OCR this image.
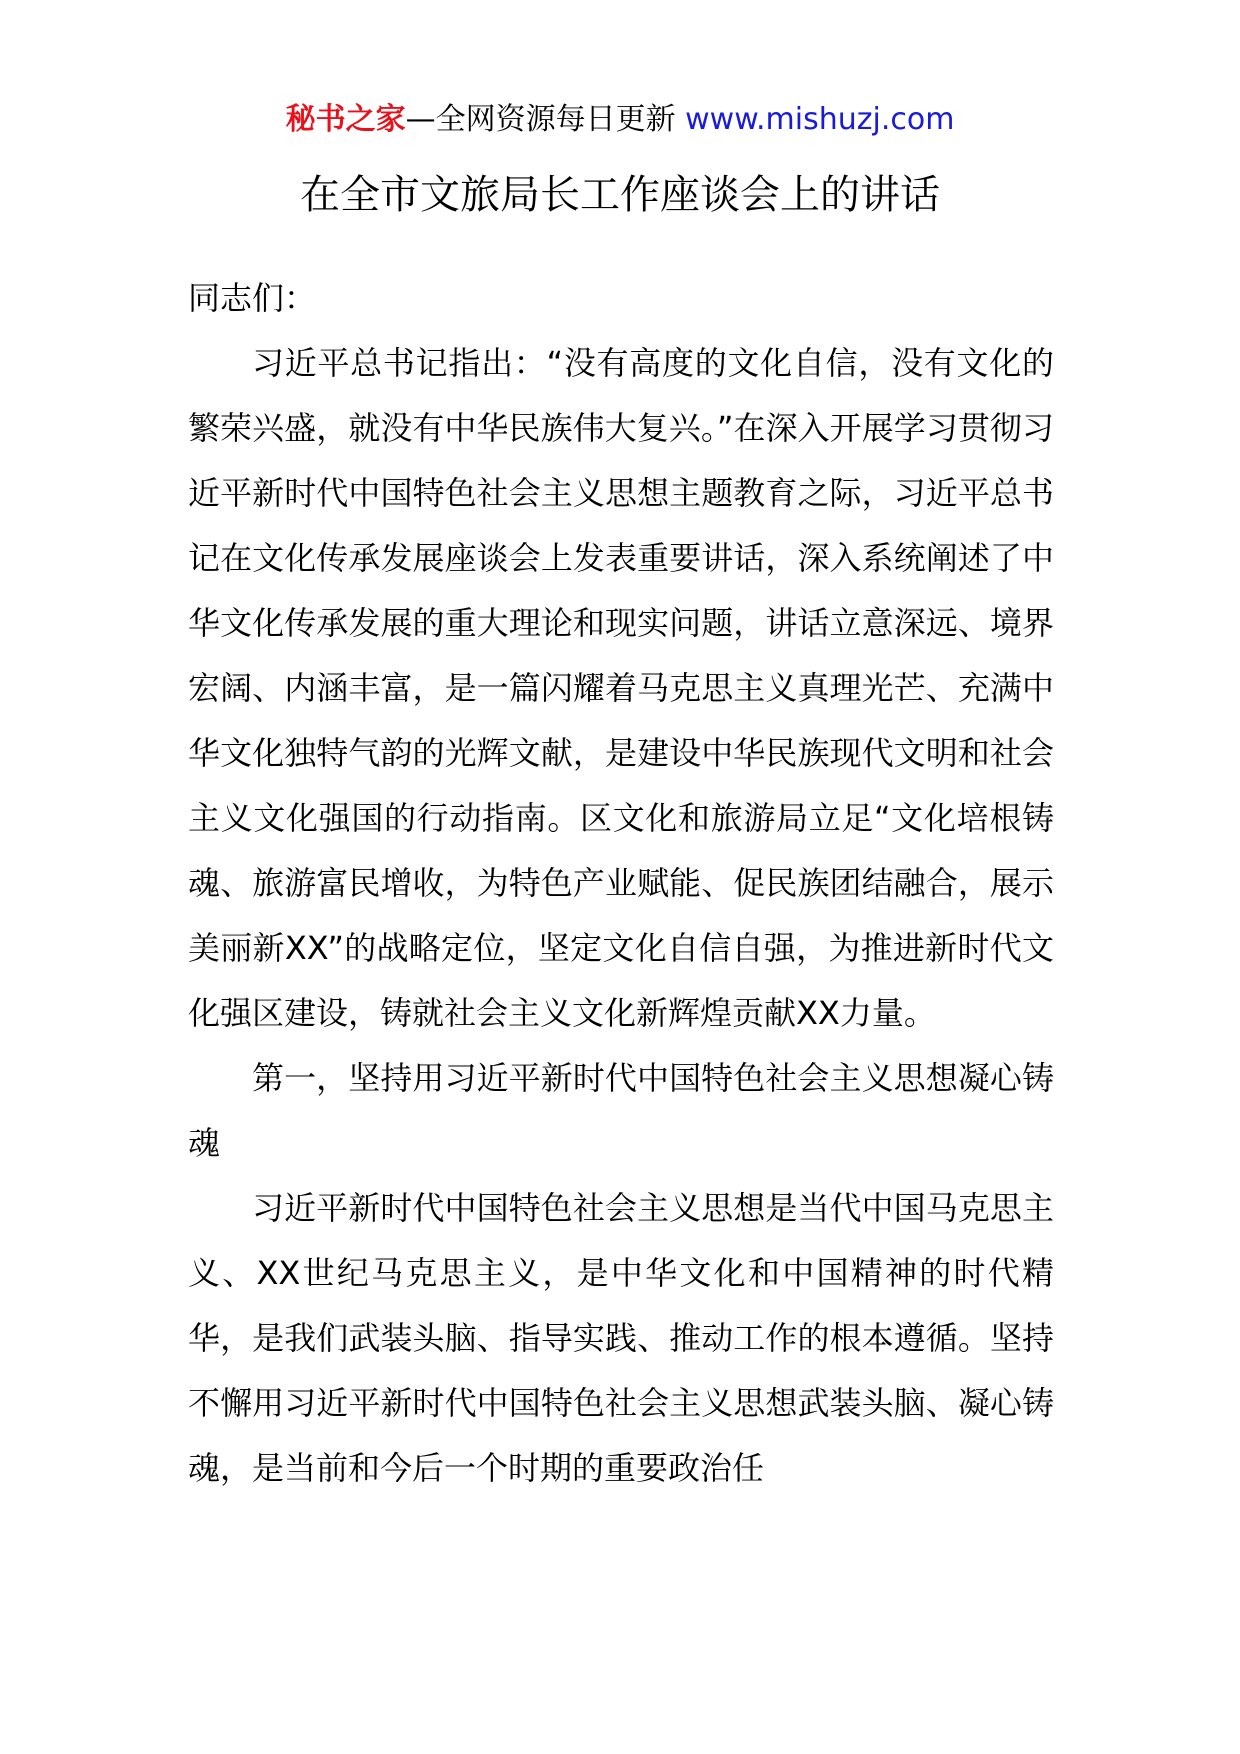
秘书之家—全网资源每日更新 www.mishuzj.com
在全市文旅局长工作座谈会上的讲话

同志们：

习近平总书记指出：“没有高度的文化自信，没有文化的繁荣兴盛，就没有中华民族伟大复兴。”在深入开展学习贯彻习近平新时代中国特色社会主义思想主题教育之际，习近平总书记在文化传承发展座谈会上发表重要讲话，深入系统阐述了中华文化传承发展的重大理论和现实问题，讲话立意深远、境界宏阔、内涵丰富，是一篇闪耀着马克思主义真理光芒、充满中华文化独特气韵的光辉文献，是建设中华民族现代文明和社会主义文化强国的行动指南。区文化和旅游局立足“文化培根铸魂、旅游富民增收，为特色产业赋能、促民族团结融合，展示美丽新XX”的战略定位，坚定文化自信自强，为推进新时代文化强区建设，铸就社会主义文化新辉煌贡献XX力量。

第一，坚持用习近平新时代中国特色社会主义思想凝心铸魂

习近平新时代中国特色社会主义思想是当代中国马克思主义、XX世纪马克思主义，是中华文化和中国精神的时代精华，是我们武装头脑、指导实践、推动工作的根本遵循。坚持不懈用习近平新时代中国特色社会主义思想武装头脑、凝心铸魂，是当前和今后一个时期的重要政治任
